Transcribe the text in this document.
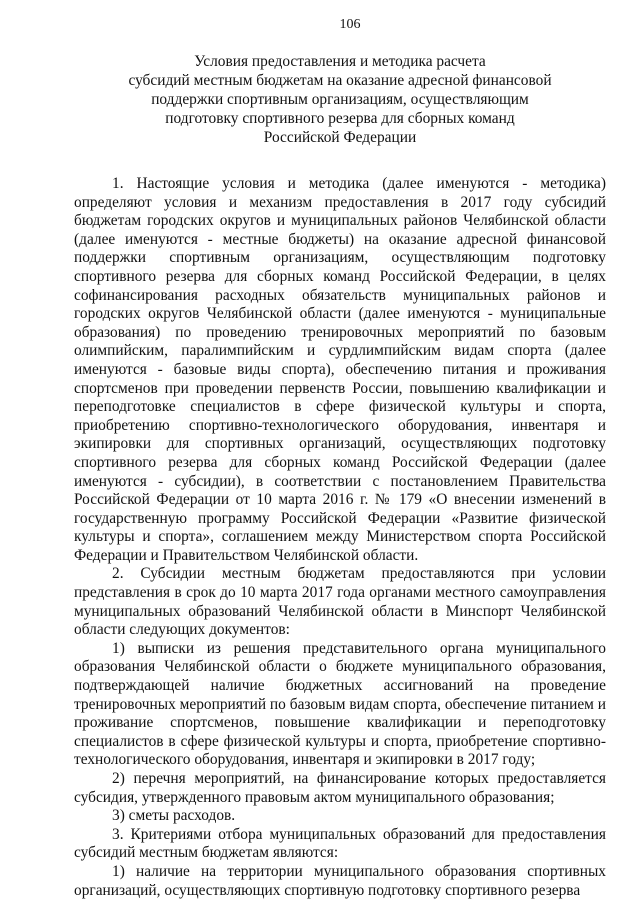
106
Условия предоставления и методика расчета
субсидий местным бюджетам на оказание адресной финансовой
поддержки спортивным организациям, осуществляющим
подготовку спортивного резерва для сборных команд
Российской Федерации

1. Настоящие условия и методика (далее именуются - методика) определяют условия и механизм предоставления в 2017 году субсидий бюджетам городских округов и муниципальных районов Челябинской области (далее именуются - местные бюджеты) на оказание адресной финансовой поддержки спортивным организациям, осуществляющим подготовку спортивного резерва для сборных команд Российской Федерации, в целях софинансирования расходных обязательств муниципальных районов и городских округов Челябинской области (далее именуются - муниципальные образования) по проведению тренировочных мероприятий по базовым олимпийским, паралимпийским и сурдлимпийским видам спорта (далее именуются - базовые виды спорта), обеспечению питания и проживания спортсменов при проведении первенств России, повышению квалификации и переподготовке специалистов в сфере физической культуры и спорта, приобретению спортивно-технологического оборудования, инвентаря и экипировки для спортивных организаций, осуществляющих подготовку спортивного резерва для сборных команд Российской Федерации (далее именуются - субсидии), в соответствии с постановлением Правительства Российской Федерации от 10 марта 2016 г. № 179 «О внесении изменений в государственную программу Российской Федерации «Развитие физической культуры и спорта», соглашением между Министерством спорта Российской Федерации и Правительством Челябинской области.

2. Субсидии местным бюджетам предоставляются при условии представления в срок до 10 марта 2017 года органами местного самоуправления муниципальных образований Челябинской области в Минспорт Челябинской области следующих документов:

1) выписки из решения представительного органа муниципального образования Челябинской области о бюджете муниципального образования, подтверждающей наличие бюджетных ассигнований на проведение тренировочных мероприятий по базовым видам спорта, обеспечение питанием и проживание спортсменов, повышение квалификации и переподготовку специалистов в сфере физической культуры и спорта, приобретение спортивно-технологического оборудования, инвентаря и экипировки в 2017 году;

2) перечня мероприятий, на финансирование которых предоставляется субсидия, утвержденного правовым актом муниципального образования;

3) сметы расходов.

3. Критериями отбора муниципальных образований для предоставления субсидий местным бюджетам являются:

1) наличие на территории муниципального образования спортивных организаций, осуществляющих спортивную подготовку спортивного резерва
